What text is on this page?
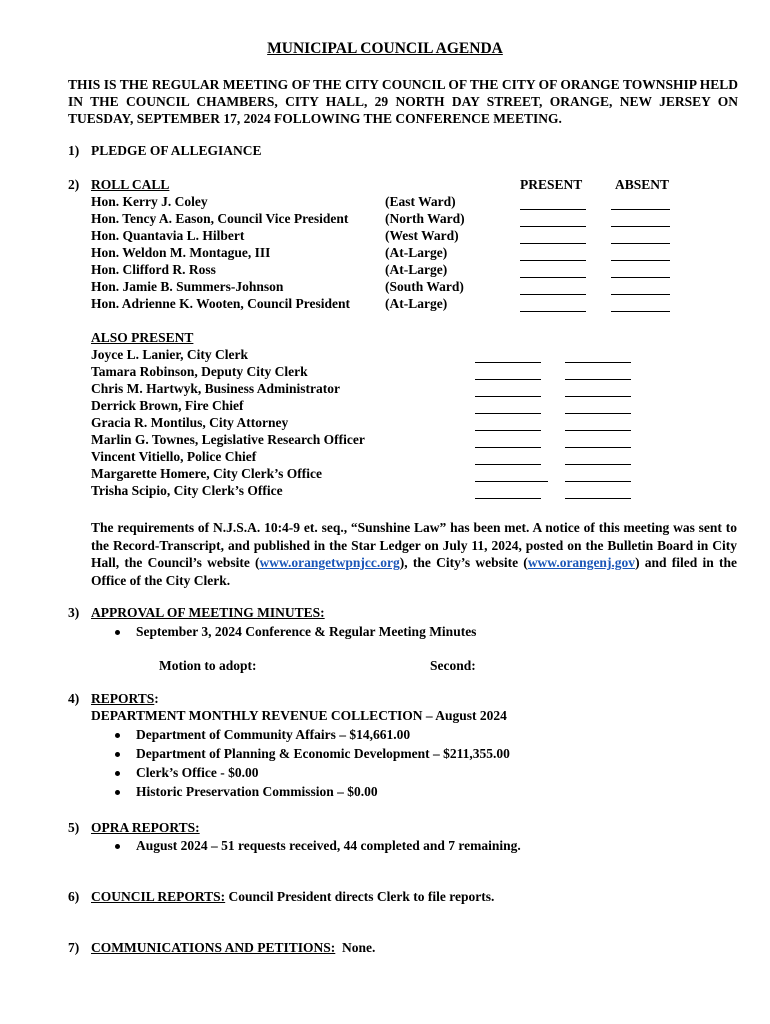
MUNICIPAL COUNCIL AGENDA
THIS IS THE REGULAR MEETING OF THE CITY COUNCIL OF THE CITY OF ORANGE TOWNSHIP HELD IN THE COUNCIL CHAMBERS, CITY HALL, 29 NORTH DAY STREET, ORANGE, NEW JERSEY ON TUESDAY, SEPTEMBER 17, 2024 FOLLOWING THE CONFERENCE MEETING.
1) PLEDGE OF ALLEGIANCE
2) ROLL CALL	PRESENT ABSENT
Hon. Kerry J. Coley	(East Ward)
Hon. Tency A. Eason, Council Vice President	(North Ward)
Hon. Quantavia L. Hilbert	(West Ward)
Hon. Weldon M. Montague, III	(At-Large)
Hon. Clifford R. Ross	(At-Large)
Hon. Jamie B. Summers-Johnson	(South Ward)
Hon. Adrienne K. Wooten, Council President	(At-Large)
ALSO PRESENT
Joyce L. Lanier, City Clerk
Tamara Robinson, Deputy City Clerk
Chris M. Hartwyk, Business Administrator
Derrick Brown, Fire Chief
Gracia R. Montilus, City Attorney
Marlin G. Townes, Legislative Research Officer
Vincent Vitiello, Police Chief
Margarette Homere, City Clerk’s Office
Trisha Scipio, City Clerk’s Office
The requirements of N.J.S.A. 10:4-9 et. seq., “Sunshine Law” has been met. A notice of this meeting was sent to the Record-Transcript, and published in the Star Ledger on July 11, 2024, posted on the Bulletin Board in City Hall, the Council’s website (www.orangetwpnjcc.org), the City’s website (www.orangenj.gov) and filed in the Office of the City Clerk.
3) APPROVAL OF MEETING MINUTES:
September 3, 2024 Conference & Regular Meeting Minutes
Motion to adopt:	Second:
4) REPORTS:
DEPARTMENT MONTHLY REVENUE COLLECTION – August 2024
Department of Community Affairs – $14,661.00
Department of Planning & Economic Development – $211,355.00
Clerk’s Office - $0.00
Historic Preservation Commission – $0.00
5) OPRA REPORTS:
August 2024 – 51 requests received, 44 completed and 7 remaining.
6) COUNCIL REPORTS: Council President directs Clerk to file reports.
7) COMMUNICATIONS AND PETITIONS:  None.
